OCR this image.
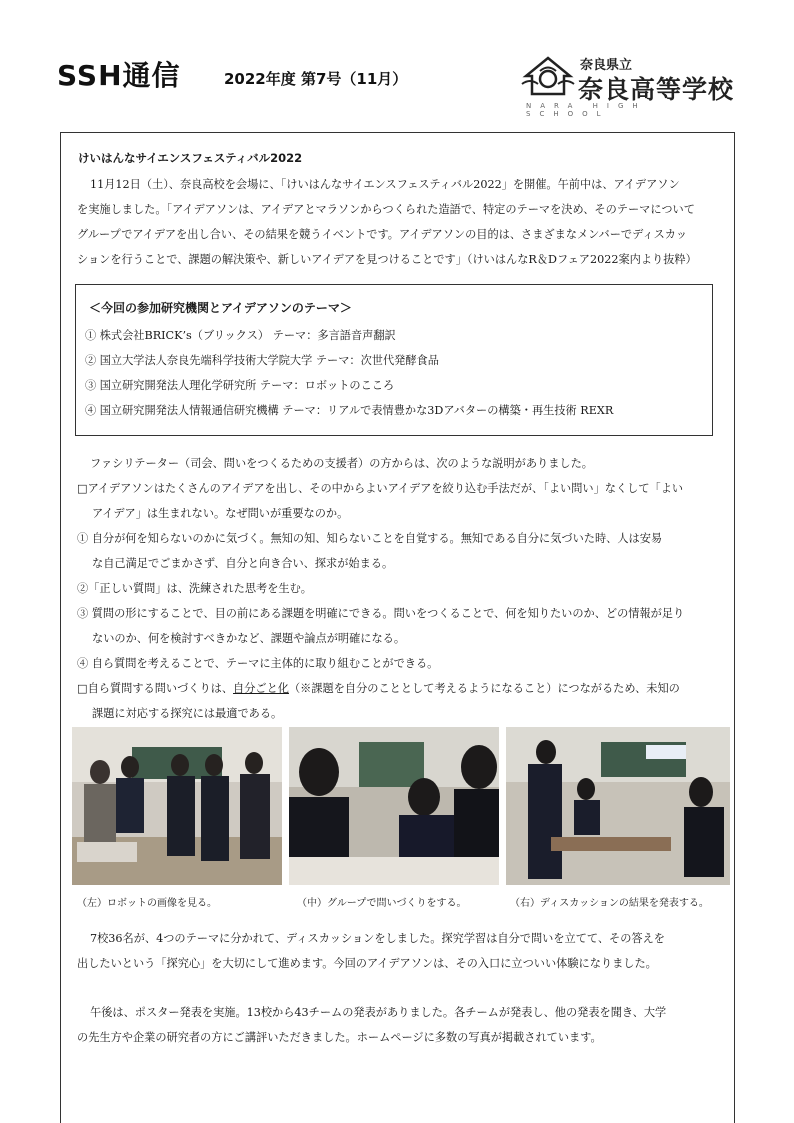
SSH通信	2022年度 第7号（11月）
奈良県立
奈良高等学校
NARA HIGH SCHOOL
けいはんなサイエンスフェスティバル2022
11月12日（土）、奈良高校を会場に、「けいはんなサイエンスフェスティバル2022」を開催。午前中は、アイデアソン
を実施しました。「アイデアソンは、アイデアとマラソンからつくられた造語で、特定のテーマを決め、そのテーマについて
グループでアイデアを出し合い、その結果を競うイベントです。アイデアソンの目的は、さまざまなメンバーでディスカッ
ションを行うことで、課題の解決策や、新しいアイデアを見つけることです」（けいはんなR＆Dフェア2022案内より抜粋）
＜今回の参加研究機関とアイデアソンのテーマ＞
① 株式会社BRICK’s（ブリックス） テーマ：多言語音声翻訳
② 国立大学法人奈良先端科学技術大学院大学 テーマ：次世代発酵食品
③ 国立研究開発法人理化学研究所 テーマ：ロボットのこころ
④ 国立研究開発法人情報通信研究機構 テーマ：リアルで表情豊かな3Dアバターの構築・再生技術 REXR
ファシリテーター（司会、問いをつくるための支援者）の方からは、次のような説明がありました。
□アイデアソンはたくさんのアイデアを出し、その中からよいアイデアを絞り込む手法だが、「よい問い」なくして「よい
アイデア」は生まれない。なぜ問いが重要なのか。
① 自分が何を知らないのかに気づく。無知の知、知らないことを自覚する。無知である自分に気づいた時、人は安易
な自己満足でごまかさず、自分と向き合い、探求が始まる。
②「正しい質問」は、洗練された思考を生む。
③ 質問の形にすることで、目の前にある課題を明確にできる。問いをつくることで、何を知りたいのか、どの情報が足り
ないのか、何を検討すべきかなど、課題や論点が明確になる。
④ 自ら質問を考えることで、テーマに主体的に取り組むことができる。
□自ら質問する問いづくりは、自分ごと化（※課題を自分のこととして考えるようになること）につながるため、未知の
課題に対応する探究には最適である。
（左）ロボットの画像を見る。	（中）グループで問いづくりをする。	（右）ディスカッションの結果を発表する。
7校36名が、4つのテーマに分かれて、ディスカッションをしました。探究学習は自分で問いを立てて、その答えを
出したいという「探究心」を大切にして進めます。今回のアイデアソンは、その入口に立ついい体験になりました。
午後は、ポスター発表を実施。13校から43チームの発表がありました。各チームが発表し、他の発表を聞き、大学
の先生方や企業の研究者の方にご講評いただきました。ホームページに多数の写真が掲載されています。
